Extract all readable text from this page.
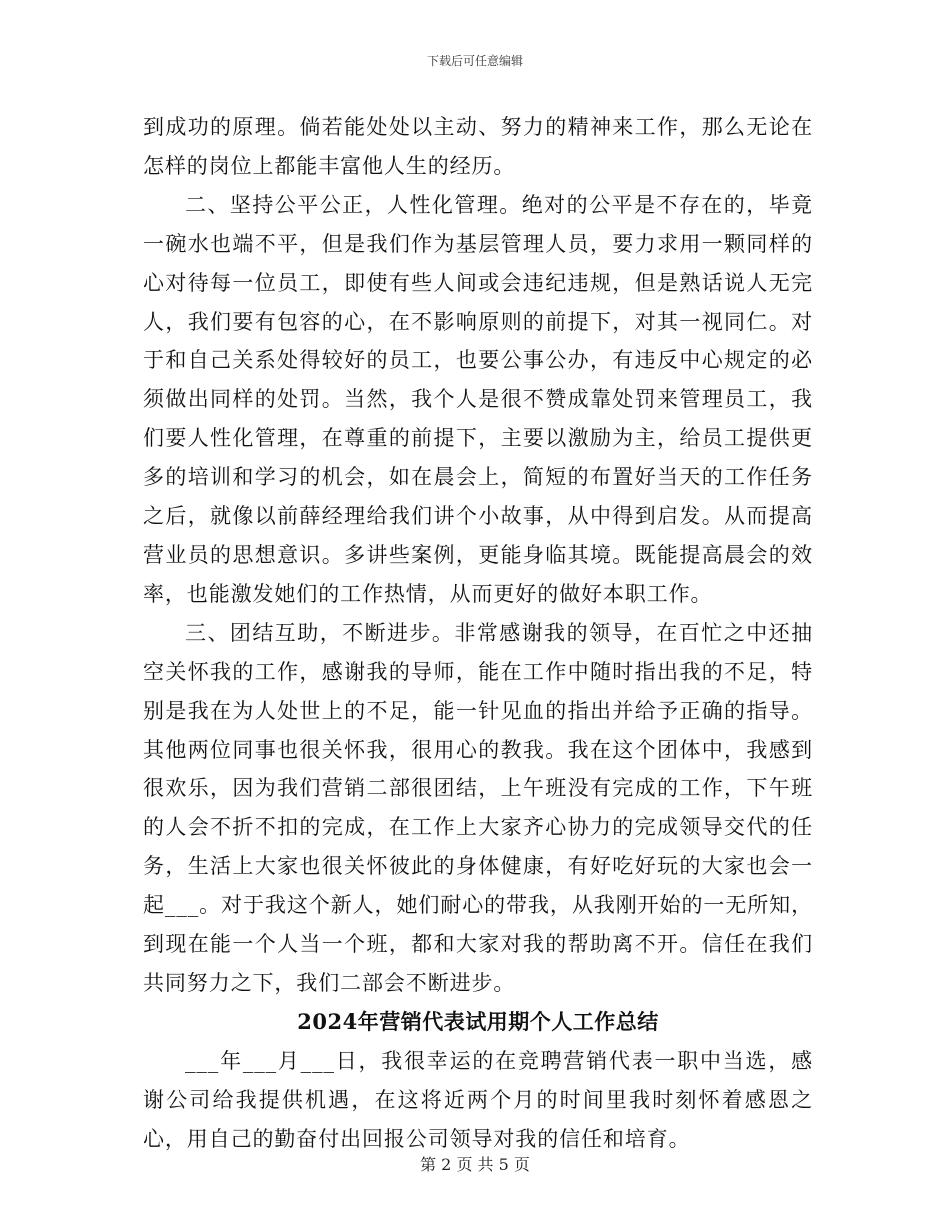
下载后可任意编辑

到成功的原理。倘若能处处以主动、努力的精神来工作，那么无论在怎样的岗位上都能丰富他人生的经历。

二、坚持公平公正，人性化管理。绝对的公平是不存在的，毕竟一碗水也端不平，但是我们作为基层管理人员，要力求用一颗同样的心对待每一位员工，即使有些人间或会违纪违规，但是熟话说人无完人，我们要有包容的心，在不影响原则的前提下，对其一视同仁。对于和自己关系处得较好的员工，也要公事公办，有违反中心规定的必须做出同样的处罚。当然，我个人是很不赞成靠处罚来管理员工，我们要人性化管理，在尊重的前提下，主要以激励为主，给员工提供更多的培训和学习的机会，如在晨会上，简短的布置好当天的工作任务之后，就像以前薛经理给我们讲个小故事，从中得到启发。从而提高营业员的思想意识。多讲些案例，更能身临其境。既能提高晨会的效率，也能激发她们的工作热情，从而更好的做好本职工作。

三、团结互助，不断进步。非常感谢我的领导，在百忙之中还抽空关怀我的工作，感谢我的导师，能在工作中随时指出我的不足，特别是我在为人处世上的不足，能一针见血的指出并给予正确的指导。其他两位同事也很关怀我，很用心的教我。我在这个团体中，我感到很欢乐，因为我们营销二部很团结，上午班没有完成的工作，下午班的人会不折不扣的完成，在工作上大家齐心协力的完成领导交代的任务，生活上大家也很关怀彼此的身体健康，有好吃好玩的大家也会一起___。对于我这个新人，她们耐心的带我，从我刚开始的一无所知，到现在能一个人当一个班，都和大家对我的帮助离不开。信任在我们共同努力之下，我们二部会不断进步。

2024年营销代表试用期个人工作总结

___年___月___日，我很幸运的在竞聘营销代表一职中当选，感谢公司给我提供机遇，在这将近两个月的时间里我时刻怀着感恩之心，用自己的勤奋付出回报公司领导对我的信任和培育。

第 2 页 共 5 页
